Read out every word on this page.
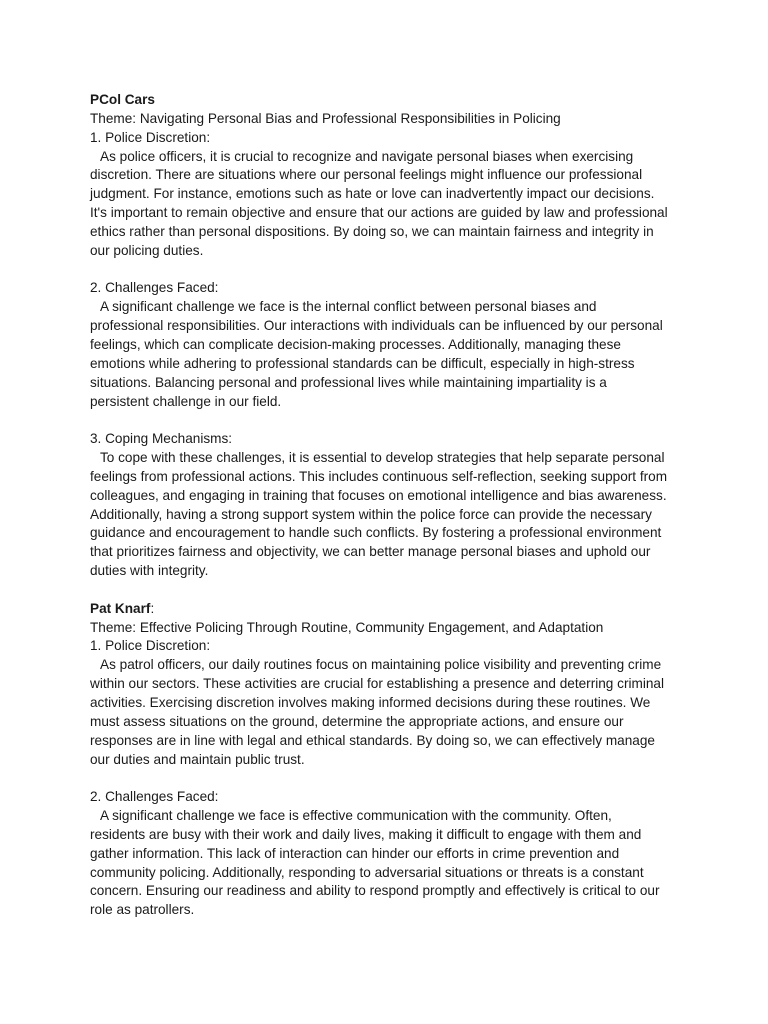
PCol Cars
Theme: Navigating Personal Bias and Professional Responsibilities in Policing
1. Police Discretion:
As police officers, it is crucial to recognize and navigate personal biases when exercising
discretion. There are situations where our personal feelings might influence our professional
judgment. For instance, emotions such as hate or love can inadvertently impact our decisions.
It's important to remain objective and ensure that our actions are guided by law and professional
ethics rather than personal dispositions. By doing so, we can maintain fairness and integrity in
our policing duties.
2. Challenges Faced:
A significant challenge we face is the internal conflict between personal biases and
professional responsibilities. Our interactions with individuals can be influenced by our personal
feelings, which can complicate decision-making processes. Additionally, managing these
emotions while adhering to professional standards can be difficult, especially in high-stress
situations. Balancing personal and professional lives while maintaining impartiality is a
persistent challenge in our field.
3. Coping Mechanisms:
To cope with these challenges, it is essential to develop strategies that help separate personal
feelings from professional actions. This includes continuous self-reflection, seeking support from
colleagues, and engaging in training that focuses on emotional intelligence and bias awareness.
Additionally, having a strong support system within the police force can provide the necessary
guidance and encouragement to handle such conflicts. By fostering a professional environment
that prioritizes fairness and objectivity, we can better manage personal biases and uphold our
duties with integrity.
Pat Knarf:
Theme: Effective Policing Through Routine, Community Engagement, and Adaptation
1. Police Discretion:
As patrol officers, our daily routines focus on maintaining police visibility and preventing crime
within our sectors. These activities are crucial for establishing a presence and deterring criminal
activities. Exercising discretion involves making informed decisions during these routines. We
must assess situations on the ground, determine the appropriate actions, and ensure our
responses are in line with legal and ethical standards. By doing so, we can effectively manage
our duties and maintain public trust.
2. Challenges Faced:
A significant challenge we face is effective communication with the community. Often,
residents are busy with their work and daily lives, making it difficult to engage with them and
gather information. This lack of interaction can hinder our efforts in crime prevention and
community policing. Additionally, responding to adversarial situations or threats is a constant
concern. Ensuring our readiness and ability to respond promptly and effectively is critical to our
role as patrollers.
